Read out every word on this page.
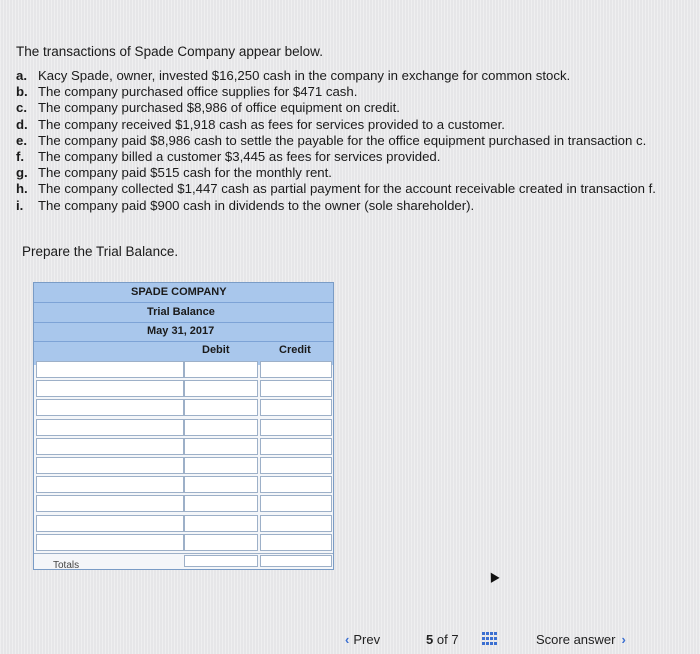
The transactions of Spade Company appear below.
a. Kacy Spade, owner, invested $16,250 cash in the company in exchange for common stock.
b. The company purchased office supplies for $471 cash.
c. The company purchased $8,986 of office equipment on credit.
d. The company received $1,918 cash as fees for services provided to a customer.
e. The company paid $8,986 cash to settle the payable for the office equipment purchased in transaction c.
f.	The company billed a customer $3,445 as fees for services provided.
g. The company paid $515 cash for the monthly rent.
h. The company collected $1,447 cash as partial payment for the account receivable created in transaction f.
i.	The company paid $900 cash in dividends to the owner (sole shareholder).
Prepare the Trial Balance.
SPADE COMPANY
Trial Balance
May 31, 2017
Debit	Credit
Totals
‹ Prev	5 of 7	Score answer ›
